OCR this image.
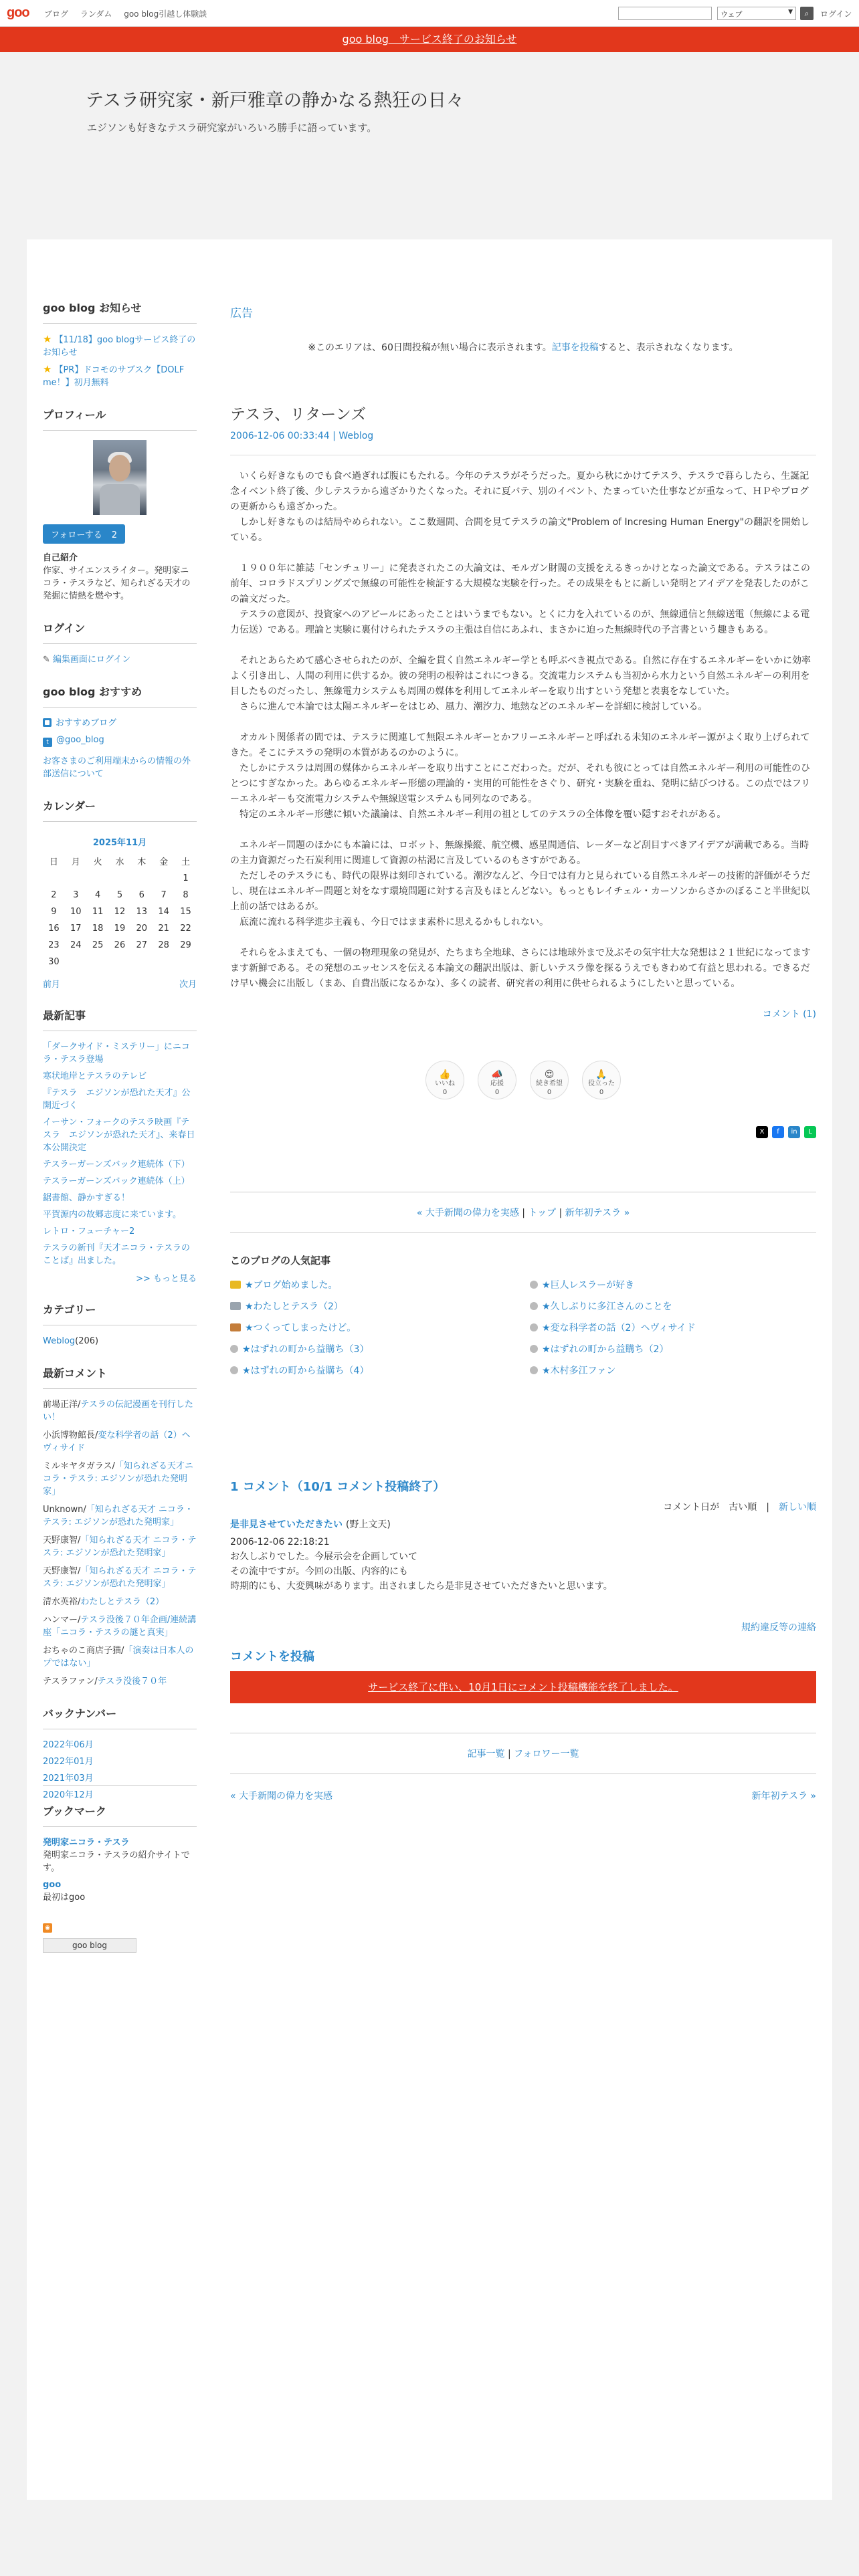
goo ブログ ランダム goo blog引越し体験談	ウェブ	▼	⌕	ログイン
goo blog　サービス終了のお知らせ
テスラ研究家・新戸雅章の静かなる熱狂の日々
エジソンも好きなテスラ研究家がいろいろ勝手に語っています。
goo blog お知らせ
★ 【11/18】goo blogサービス終了のお知らせ
★ 【PR】ドコモのサブスク【DOLF me！】初月無料
プロフィール
フォローする 2
自己紹介
作家、サイエンスライター。発明家ニコラ・テスラなど、知られざる天才の発掘に情熱を燃やす。
ログイン
✎ 編集画面にログイン
goo blog おすすめ
おすすめブログ
t @goo_blog
お客さまのご利用端末からの情報の外部送信について
カレンダー
2025年11月
日	月	火	水	木	金	土
						1
2	3	4	5	6	7	8
9	10	11	12	13	14	15
16	17	18	19	20	21	22
23	24	25	26	27	28	29
30						
前月	次月
最新記事
「ダークサイド・ミステリー」にニコラ・テスラ登場
寒状地岸とテスラのテレビ
『テスラ　エジソンが恐れた天才』公開近づく
イーサン・フォークのテスラ映画『テスラ　エジソンが恐れた天才』、来春日本公開決定
テスラーガーンズバック連続体（下）
テスラーガーンズバック連続体（上）
鋸書館、静かすぎる！
平賀源内の故郷志度に来ています。
レトロ・フューチャー2
テスラの新刊『天才ニコラ・テスラのことば』出ました。
>> もっと見る
カテゴリー
Weblog(206)
最新コメント
前場正洋/テスラの伝記漫画を刊行したい！
小浜博物館長/変な科学者の話（2）ヘヴィサイド
ミル＊ヤタガラス/「知られざる天才ニコラ・テスラ: エジソンが恐れた発明家」
Unknown/「知られざる天才 ニコラ・テスラ: エジソンが恐れた発明家」
天野康智/「知られざる天才 ニコラ・テスラ: エジソンが恐れた発明家」
天野康智/「知られざる天才 ニコラ・テスラ: エジソンが恐れた発明家」
清水英裕/わたしとテスラ（2）
ハンマー/テスラ没後７０年企画/連続講座「ニコラ・テスラの謎と真実」
おちゃのこ商店子猫/「演奏は日本人のプではない」
テスラファン/テスラ没後７０年
バックナンバー
2022年06月
2022年01月
2021年03月
2020年12月
ブックマーク
発明家ニコラ・テスラ
発明家ニコラ・テスラの紹介サイトです。
goo
最初はgoo
◉
goo blog
広告
※このエリアは、60日間投稿が無い場合に表示されます。記事を投稿すると、表示されなくなります。
テスラ、リターンズ
2006-12-06 00:33:44 | Weblog

　いくら好きなものでも食べ過ぎれば腹にもたれる。今年のテスラがそうだった。夏から秋にかけてテスラ、テスラで暮らしたら、生誕記念イベント終了後、少しテスラから遠ざかりたくなった。それに夏バテ、別のイベント、たまっていた仕事などが重なって、ＨＰやブログの更新からも遠ざかった。
　しかし好きなものは結局やめられない。ここ数週間、合間を見てテスラの論文"Problem of Incresing Human Energy"の翻訳を開始している。

　１９００年に雑誌「センチュリー」に発表されたこの大論文は、モルガン財閥の支援をえるきっかけとなった論文である。テスラはこの前年、コロラドスプリングズで無線の可能性を検証する大規模な実験を行った。その成果をもとに新しい発明とアイデアを発表したのがこの論文だった。
　テスラの意図が、投資家へのアピールにあったことはいうまでもない。とくに力を入れているのが、無線通信と無線送電（無線による電力伝送）である。理論と実験に裏付けられたテスラの主張は自信にあふれ、まさかに迫った無線時代の予言書という趣きもある。

　それとあらためて感心させられたのが、全編を貫く自然エネルギー学とも呼ぶべき視点である。自然に存在するエネルギーをいかに効率よく引き出し、人間の利用に供するか。彼の発明の根幹はこれにつきる。交流電力システムも当初から水力という自然エネルギーの利用を目したものだったし、無線電力システムも周囲の媒体を利用してエネルギーを取り出すという発想と表裏をなしていた。
　さらに進んで本論では太陽エネルギーをはじめ、風力、潮汐力、地熱などのエネルギーを詳細に検討している。

　オカルト関係者の間では、テスラに関連して無限エネルギーとかフリーエネルギーと呼ばれる未知のエネルギー源がよく取り上げられてきた。そこにテスラの発明の本質があるのかのように。
　たしかにテスラは周囲の媒体からエネルギーを取り出すことにこだわった。だが、それも彼にとっては自然エネルギー利用の可能性のひとつにすぎなかった。あらゆるエネルギー形態の理論的・実用的可能性をさぐり、研究・実験を重ね、発明に結びつける。この点ではフリーエネルギーも交流電力システムや無線送電システムも同列なのである。
　特定のエネルギー形態に傾いた議論は、自然エネルギー利用の祖としてのテスラの全体像を覆い隠すおそれがある。

　エネルギー問題のほかにも本論には、ロボット、無線操縦、航空機、感星間通信、レーダーなど刮目すべきアイデアが満載である。当時の主力資源だった石炭利用に関連して資源の枯渇に言及しているのもさすがである。
　ただしそのテスラにも、時代の限界は刻印されている。潮汐なんど、今日では有力と見られている自然エネルギーの技術的評価がそうだし、現在はエネルギー問題と対をなす環境問題に対する言及もほとんどない。もっともレイチェル・カーソンからさかのぼること半世紀以上前の話ではあるが。
　底流に流れる科学進歩主義も、今日ではまま素朴に思えるかもしれない。

　それらをふまえても、一個の物理現象の発見が、たちまち全地球、さらには地球外まで及ぶその気宇壮大な発想は２１世紀になってますます新鮮である。その発想のエッセンスを伝える本論文の翻訳出版は、新しいテスラ像を探るうえでもきわめて有益と思われる。できるだけ早い機会に出版し（まあ、自費出版になるかな）、多くの読者、研究者の利用に供せられるようにしたいと思っている。

コメント (1)
👍
いいね
0
📣
応援
0
😍
続き希望
0
🙏
役立った
0
X	f	in	L
« 大手新聞の偉力を実感 | トップ | 新年初テスラ »
このブログの人気記事
★ブログ始めました。	★巨人レスラーが好き
★わたしとテスラ（2）	★久しぶりに多江さんのことを
★つくってしまったけど。	★変な科学者の話（2）ヘヴィサイド
★はずれの町から益購ち（3）	★はずれの町から益購ち（2）
★はずれの町から益購ち（4）	★木村多江ファン
1 コメント（10/1 コメント投稿終了）
コメント日が　 古い順　|　新しい順
是非見させていただきたい (野上文天)

2006-12-06 22:18:21

お久しぶりでした。今展示会を企画していて

その流中ですが。今回の出版、内容的にも

時期的にも、大変興味があります。出されましたら是非見させていただきたいと思います。

規約違反等の連絡
コメントを投稿
サービス終了に伴い、10月1日にコメント投稿機能を終了しました。
記事一覧 | フォロワー一覧
« 大手新聞の偉力を実感	新年初テスラ »
